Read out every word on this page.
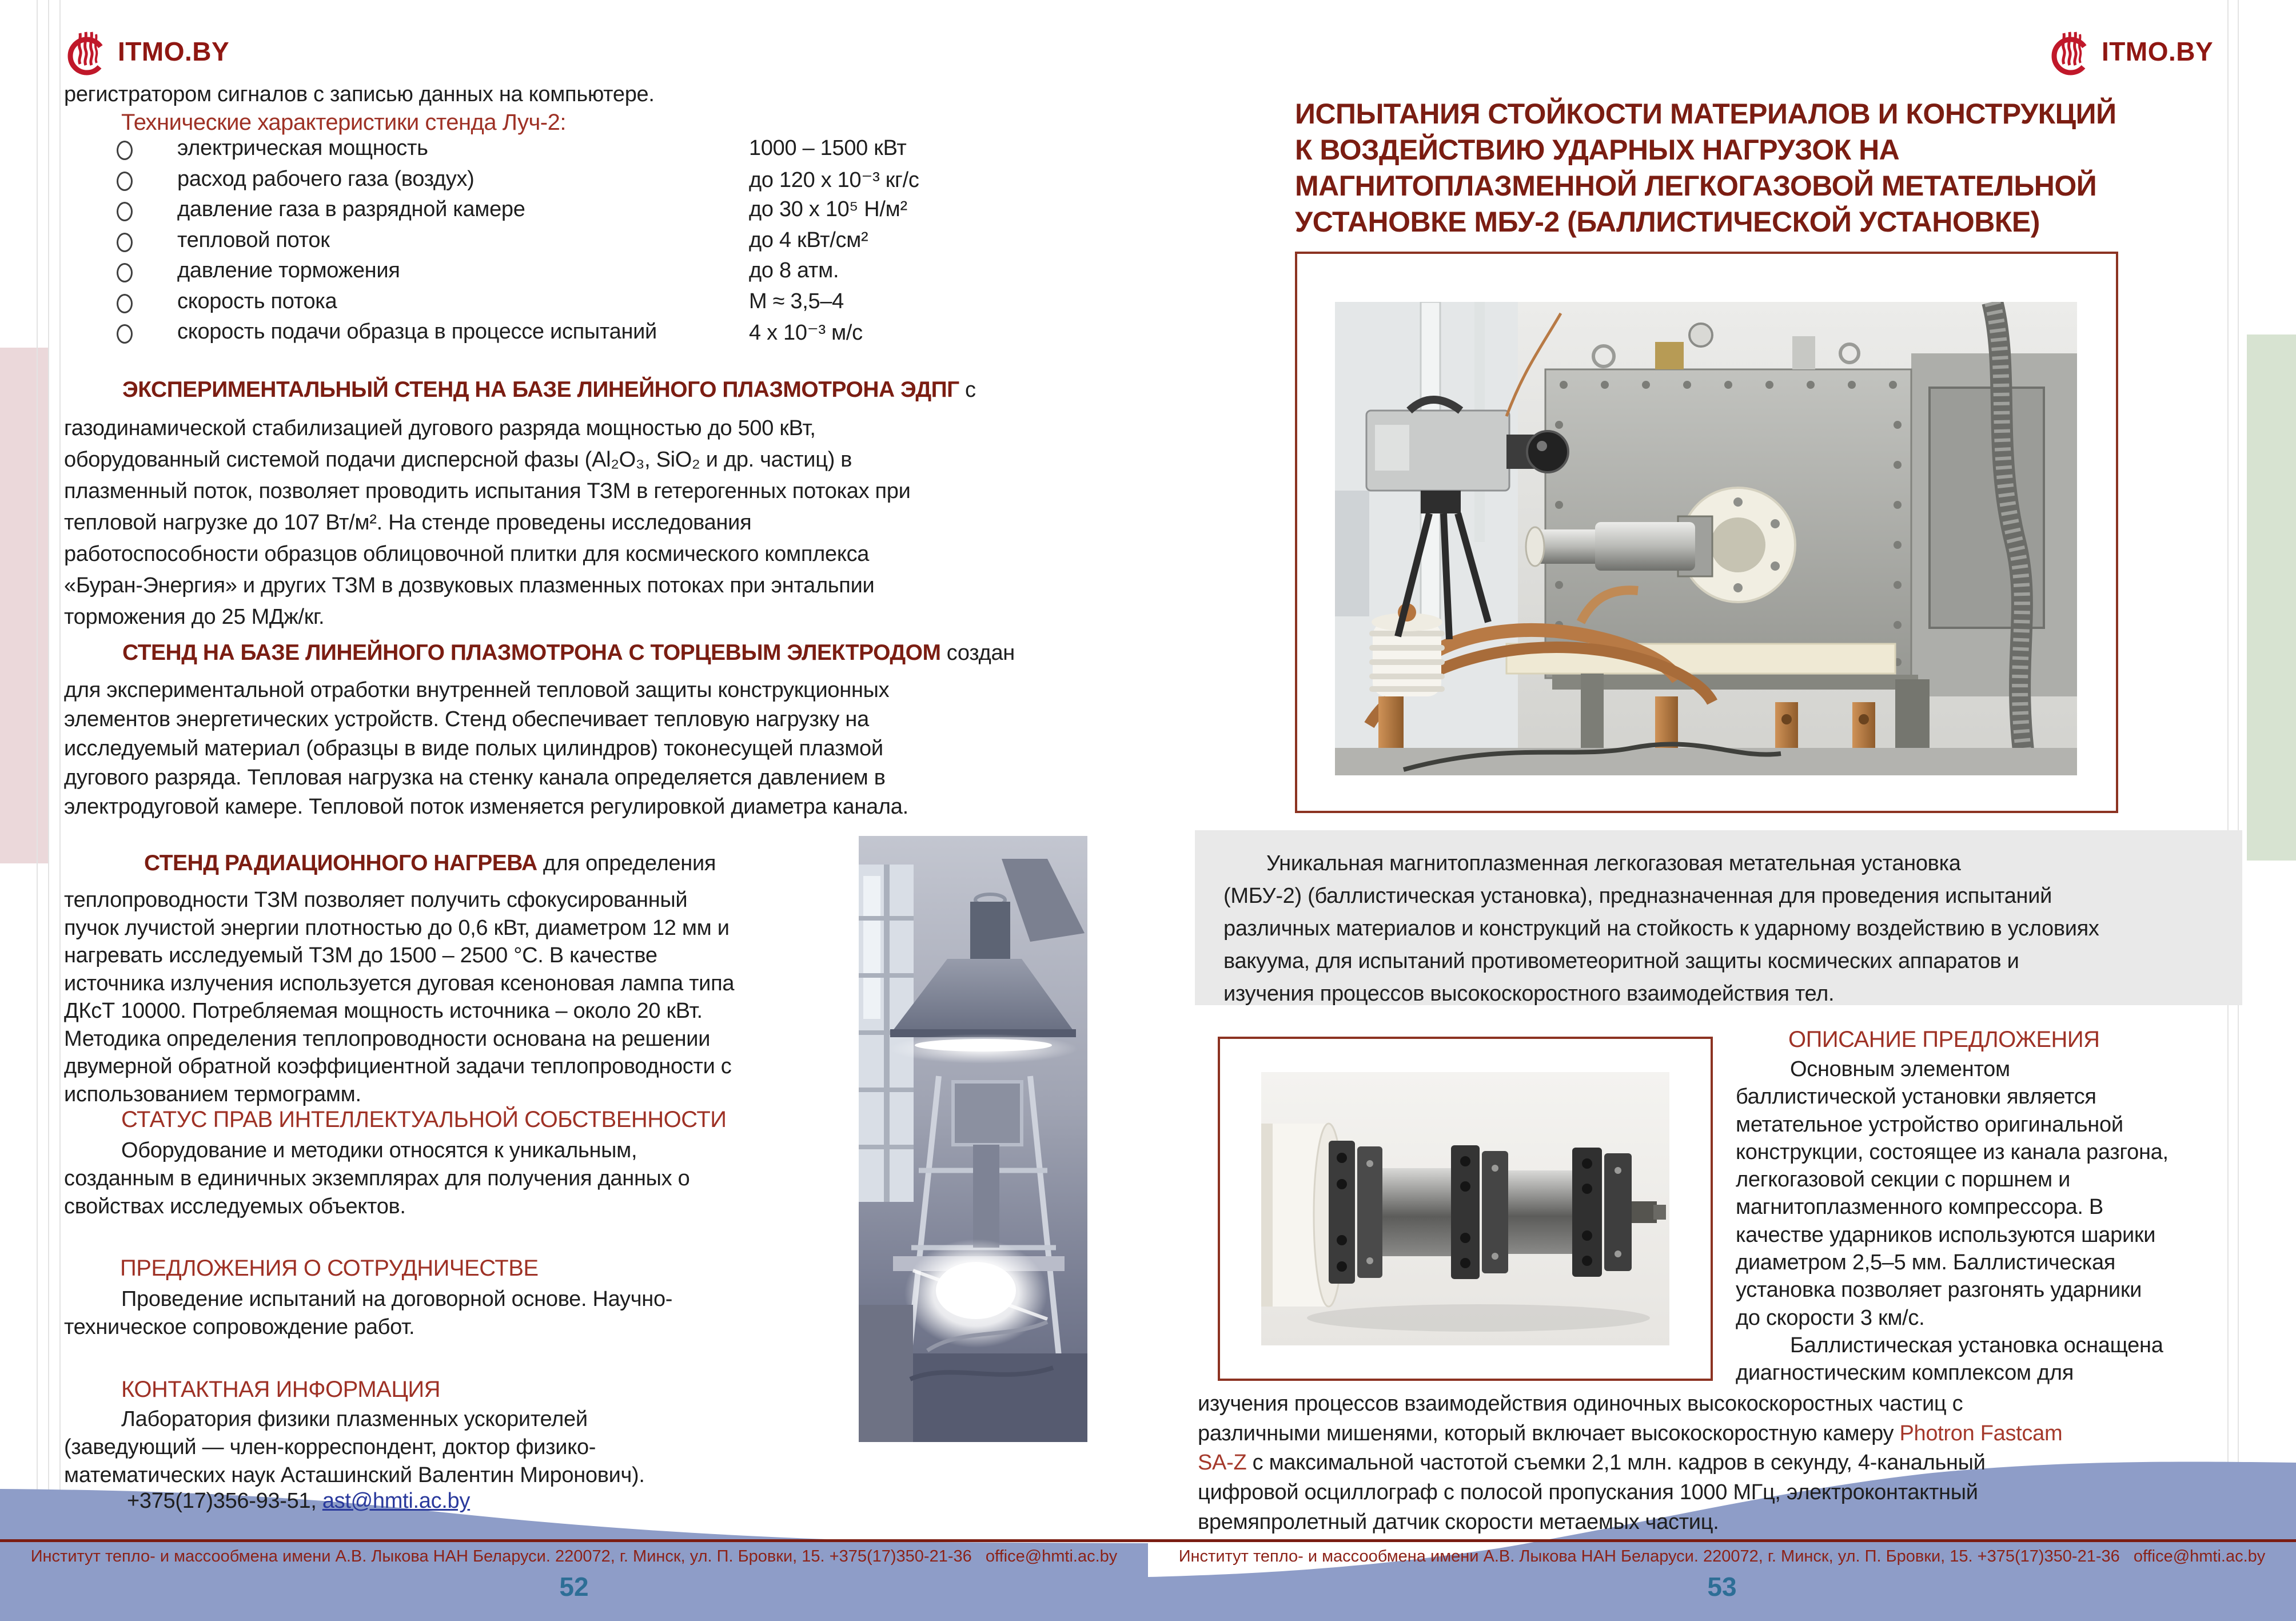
ITMO.BY	ITMO.BY
регистратором сигналов с записью данных на компьютере.
Технические характеристики стенда Луч-2:
электрическая мощность	1000 – 1500 кВт
расход рабочего газа (воздух)	до 120 x 10⁻³ кг/с
давление газа в разрядной камере	до 30 x 10⁵ Н/м²
тепловой поток	до 4 кВт/см²
давление торможения	до 8 атм.
скорость потока	М ≈ 3,5–4
скорость подачи образца в процессе испытаний	4 x 10⁻³ м/с
ЭКСПЕРИМЕНТАЛЬНЫЙ СТЕНД НА БАЗЕ ЛИНЕЙНОГО ПЛАЗМОТРОНА ЭДПГ с
газодинамической стабилизацией дугового разряда мощностью до 500 кВт,
оборудованный системой подачи дисперсной фазы (Al₂O₃, SiO₂ и др. частиц) в
плазменный поток, позволяет проводить испытания ТЗМ в гетерогенных потоках при
тепловой нагрузке до 107 Вт/м². На стенде проведены исследования
работоспособности образцов облицовочной плитки для космического комплекса
«Буран-Энергия» и других ТЗМ в дозвуковых плазменных потоках при энтальпии
торможения до 25 МДж/кг.
СТЕНД НА БАЗЕ ЛИНЕЙНОГО ПЛАЗМОТРОНА С ТОРЦЕВЫМ ЭЛЕКТРОДОМ создан
для экспериментальной отработки внутренней тепловой защиты конструкционных
элементов энергетических устройств. Стенд обеспечивает тепловую нагрузку на
исследуемый материал (образцы в виде полых цилиндров) токонесущей плазмой
дугового разряда. Тепловая нагрузка на стенку канала определяется давлением в
электродуговой камере. Тепловой поток изменяется регулировкой диаметра канала.
СТЕНД РАДИАЦИОННОГО НАГРЕВА для определения
теплопроводности ТЗМ позволяет получить сфокусированный
пучок лучистой энергии плотностью до 0,6 кВт, диаметром 12 мм и
нагревать исследуемый ТЗМ до 1500 – 2500 °С. В качестве
источника излучения используется дуговая ксеноновая лампа типа
ДКсТ 10000. Потребляемая мощность источника – около 20 кВт.
Методика определения теплопроводности основана на решении
двумерной обратной коэффициентной задачи теплопроводности с
использованием термограмм.
СТАТУС ПРАВ ИНТЕЛЛЕКТУАЛЬНОЙ СОБСТВЕННОСТИ
Оборудование и методики относятся к уникальным,
созданным в единичных экземплярах для получения данных о
свойствах исследуемых объектов.
ПРЕДЛОЖЕНИЯ О СОТРУДНИЧЕСТВЕ
Проведение испытаний на договорной основе. Научно-
техническое сопровождение работ.
КОНТАКТНАЯ ИНФОРМАЦИЯ
Лаборатория физики плазменных ускорителей
(заведующий — член-корреспондент, доктор физико-
математических наук Асташинский Валентин Миронович).
+375(17)356-93-51, ast@hmti.ac.by
ИСПЫТАНИЯ СТОЙКОСТИ МАТЕРИАЛОВ И КОНСТРУКЦИЙ
К ВОЗДЕЙСТВИЮ УДАРНЫХ НАГРУЗОК НА
МАГНИТОПЛАЗМЕННОЙ ЛЕГКОГАЗОВОЙ МЕТАТЕЛЬНОЙ
УСТАНОВКЕ МБУ-2 (БАЛЛИСТИЧЕСКОЙ УСТАНОВКЕ)
Уникальная магнитоплазменная легкогазовая метательная установка
(МБУ-2) (баллистическая установка), предназначенная для проведения испытаний
различных материалов и конструкций на стойкость к ударному воздействию в условиях
вакуума, для испытаний противометеоритной защиты космических аппаратов и
изучения процессов высокоскоростного взаимодействия тел.
ОПИСАНИЕ ПРЕДЛОЖЕНИЯ
Основным элементом
баллистической установки является
метательное устройство оригинальной
конструкции, состоящее из канала разгона,
легкогазовой секции с поршнем и
магнитоплазменного компрессора. В
качестве ударников используются шарики
диаметром 2,5–5 мм. Баллистическая
установка позволяет разгонять ударники
до скорости 3 км/с.
Баллистическая установка оснащена
диагностическим комплексом для
изучения процессов взаимодействия одиночных высокоскоростных частиц с
различными мишенями, который включает высокоскоростную камеру Photron Fastcam
SA-Z с максимальной частотой съемки 2,1 млн. кадров в секунду, 4-канальный
цифровой осциллограф с полосой пропускания 1000 МГц, электроконтактный
времяпролетный датчик скорости метаемых частиц.
Институт тепло- и массообмена имени А.В. Лыкова НАН Беларуси. 220072, г. Минск, ул. П. Бровки, 15. +375(17)350-21-36   office@hmti.ac.by	Институт тепло- и массообмена имени А.В. Лыкова НАН Беларуси. 220072, г. Минск, ул. П. Бровки, 15. +375(17)350-21-36   office@hmti.ac.by
52	53
